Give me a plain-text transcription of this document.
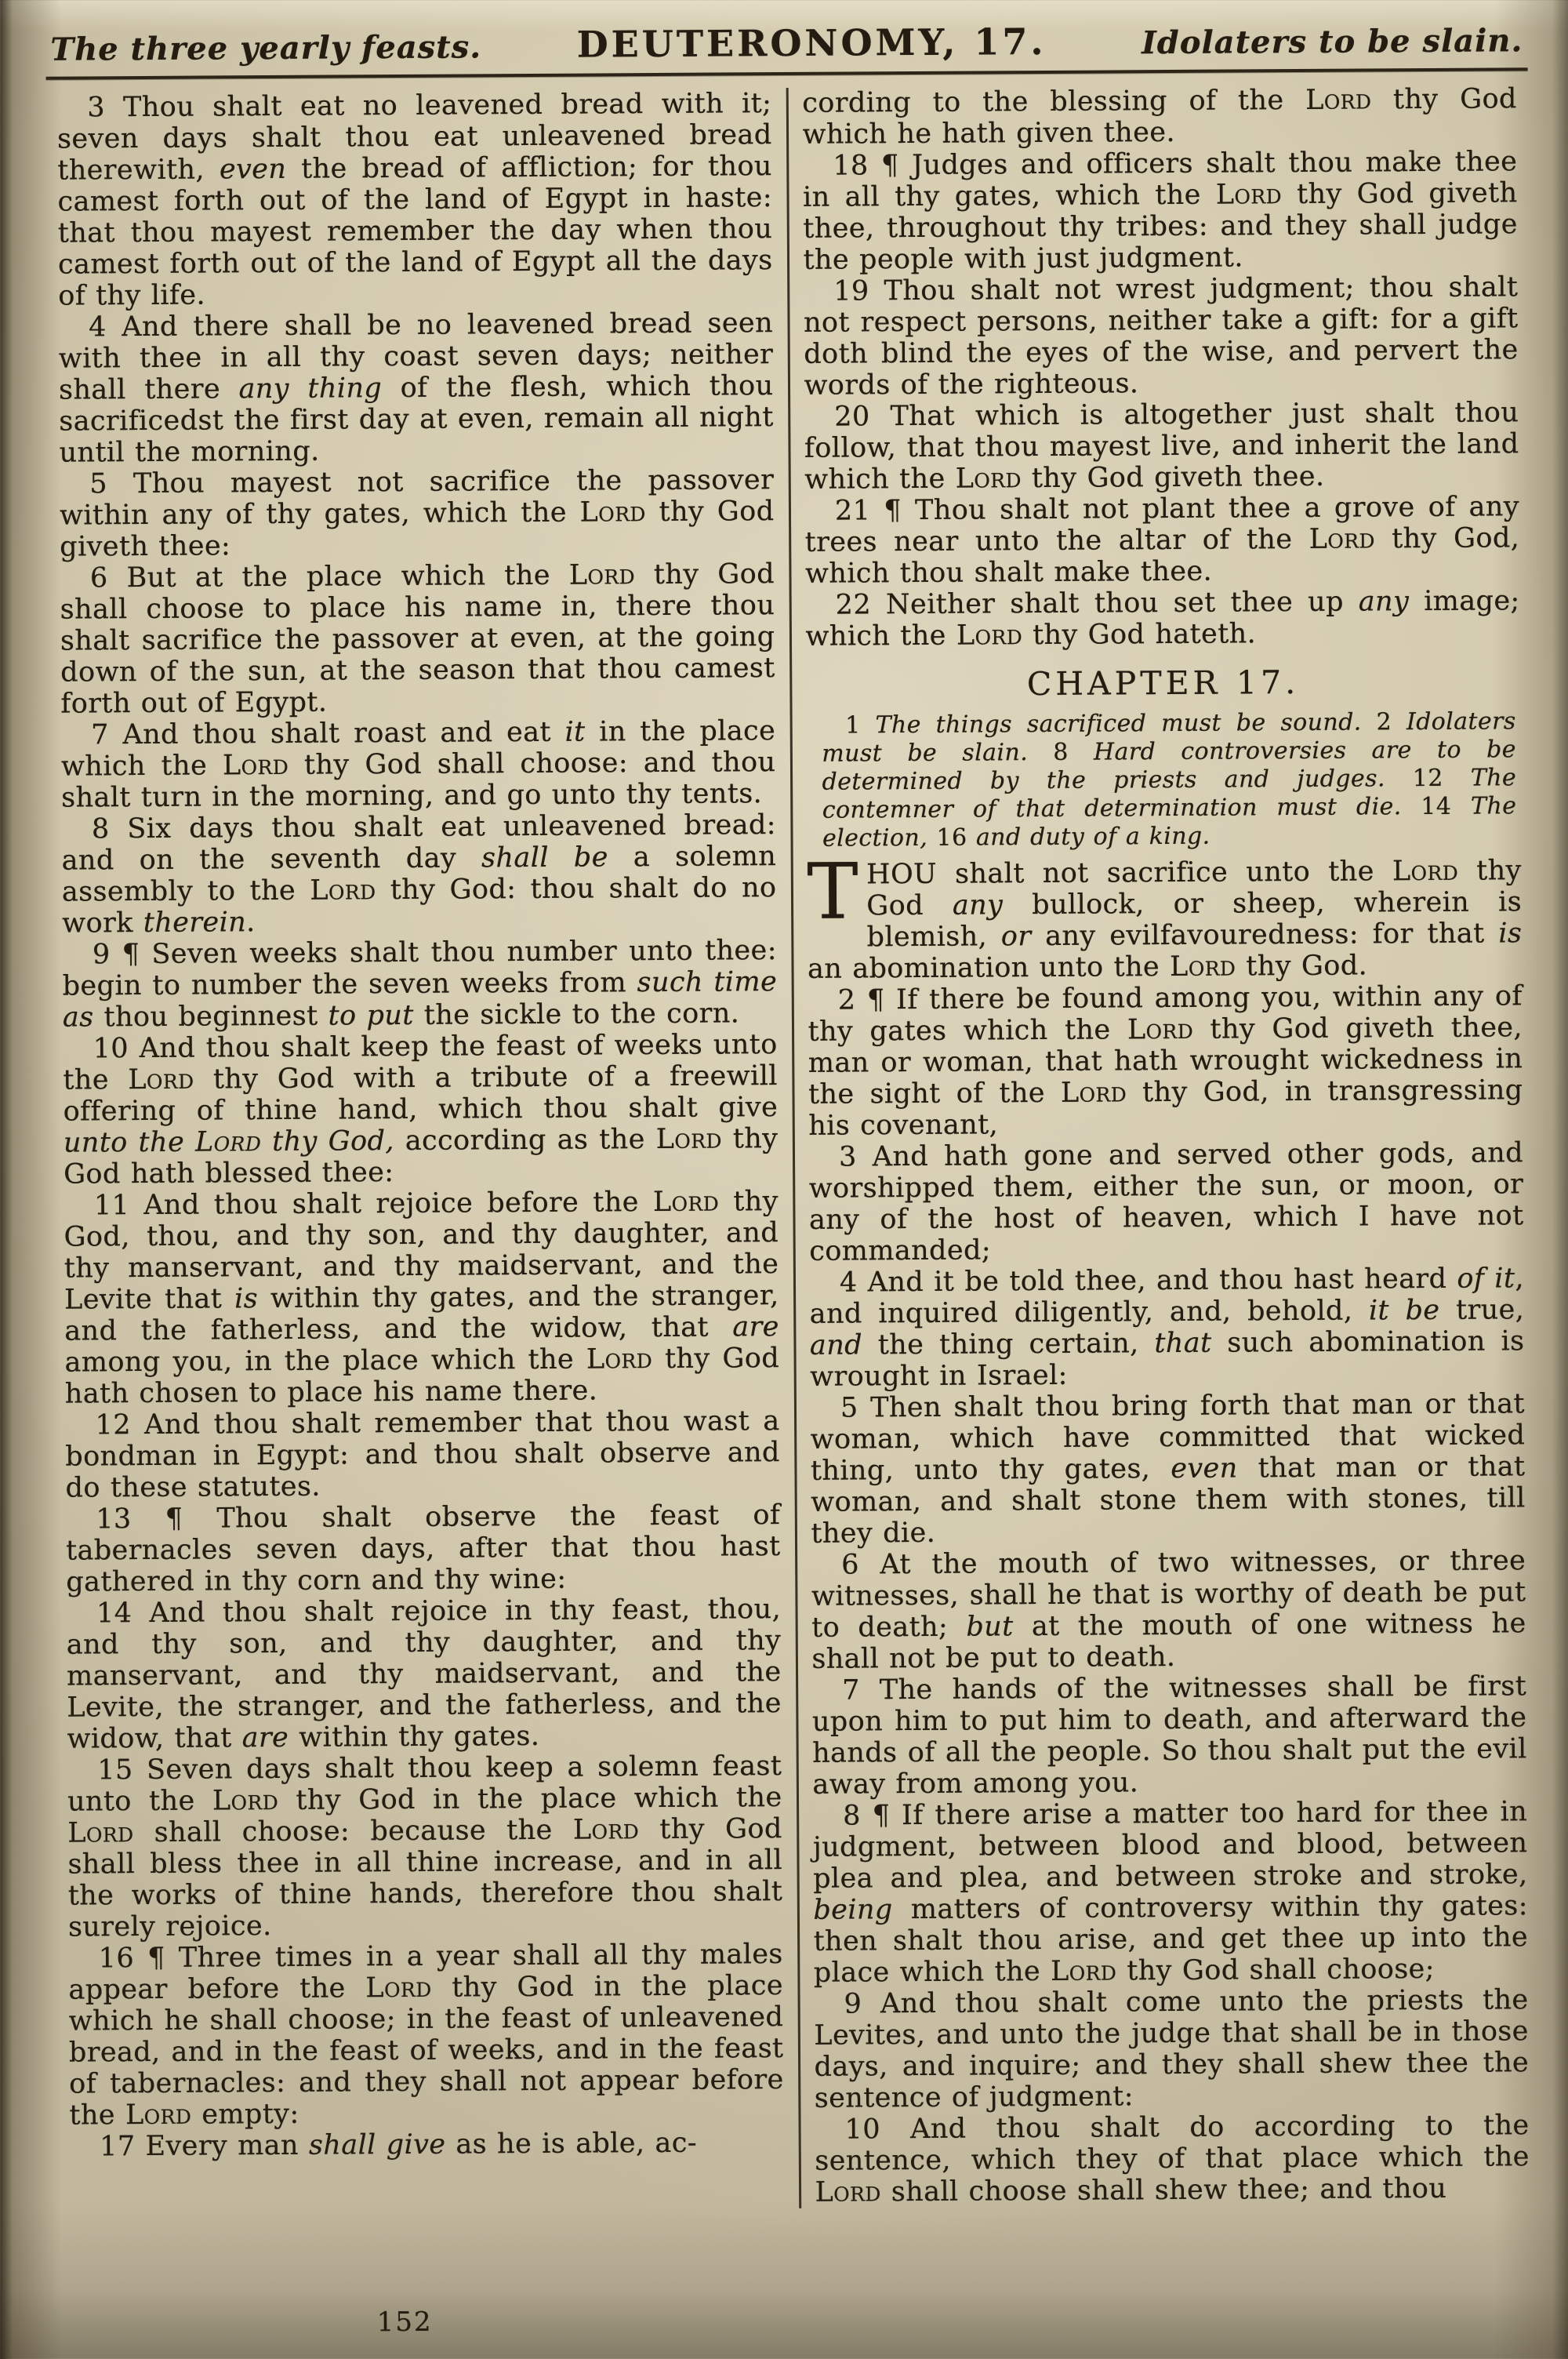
The three yearly feasts.	DEUTERONOMY, 17.	Idolaters to be slain.
3 Thou shalt eat no leavened bread with it; seven days shalt thou eat unleavened bread therewith, even the bread of affliction; for thou camest forth out of the land of Egypt in haste: that thou mayest remember the day when thou camest forth out of the land of Egypt all the days of thy life.
4 And there shall be no leavened bread seen with thee in all thy coast seven days; neither shall there any thing of the flesh, which thou sacrificedst the first day at even, remain all night until the morning.
5 Thou mayest not sacrifice the passover within any of thy gates, which the Lord thy God giveth thee:
6 But at the place which the Lord thy God shall choose to place his name in, there thou shalt sacrifice the passover at even, at the going down of the sun, at the season that thou camest forth out of Egypt.
7 And thou shalt roast and eat it in the place which the Lord thy God shall choose: and thou shalt turn in the morning, and go unto thy tents.
8 Six days thou shalt eat unleavened bread: and on the seventh day shall be a solemn assembly to the Lord thy God: thou shalt do no work therein.
9 ¶ Seven weeks shalt thou number unto thee: begin to number the seven weeks from such time as thou beginnest to put the sickle to the corn.
10 And thou shalt keep the feast of weeks unto the Lord thy God with a tribute of a freewill offering of thine hand, which thou shalt give unto the Lord thy God, according as the Lord thy God hath blessed thee:
11 And thou shalt rejoice before the Lord thy God, thou, and thy son, and thy daughter, and thy manservant, and thy maidservant, and the Levite that is within thy gates, and the stranger, and the fatherless, and the widow, that are among you, in the place which the Lord thy God hath chosen to place his name there.
12 And thou shalt remember that thou wast a bondman in Egypt: and thou shalt observe and do these statutes.
13 ¶ Thou shalt observe the feast of tabernacles seven days, after that thou hast gathered in thy corn and thy wine:
14 And thou shalt rejoice in thy feast, thou, and thy son, and thy daughter, and thy manservant, and thy maidservant, and the Levite, the stranger, and the fatherless, and the widow, that are within thy gates.
15 Seven days shalt thou keep a solemn feast unto the Lord thy God in the place which the Lord shall choose: because the Lord thy God shall bless thee in all thine increase, and in all the works of thine hands, therefore thou shalt surely rejoice.
16 ¶ Three times in a year shall all thy males appear before the Lord thy God in the place which he shall choose; in the feast of unleavened bread, and in the feast of weeks, and in the feast of tabernacles: and they shall not appear before the Lord empty:
17 Every man shall give as he is able, ac-
cording to the blessing of the Lord thy God which he hath given thee.
18 ¶ Judges and officers shalt thou make thee in all thy gates, which the Lord thy God giveth thee, throughout thy tribes: and they shall judge the people with just judgment.
19 Thou shalt not wrest judgment; thou shalt not respect persons, neither take a gift: for a gift doth blind the eyes of the wise, and pervert the words of the righteous.
20 That which is altogether just shalt thou follow, that thou mayest live, and inherit the land which the Lord thy God giveth thee.
21 ¶ Thou shalt not plant thee a grove of any trees near unto the altar of the Lord thy God, which thou shalt make thee.
22 Neither shalt thou set thee up any image; which the Lord thy God hateth.
CHAPTER 17.
1 The things sacrificed must be sound. 2 Idolaters must be slain. 8 Hard controversies are to be determined by the priests and judges. 12 The contemner of that determination must die. 14 The election, 16 and duty of a king.
THOU shalt not sacrifice unto the Lord thy God any bullock, or sheep, wherein is blemish, or any evilfavouredness: for that is an abomination unto the Lord thy God.
2 ¶ If there be found among you, within any of thy gates which the Lord thy God giveth thee, man or woman, that hath wrought wickedness in the sight of the Lord thy God, in transgressing his covenant,
3 And hath gone and served other gods, and worshipped them, either the sun, or moon, or any of the host of heaven, which I have not commanded;
4 And it be told thee, and thou hast heard of it, and inquired diligently, and, behold, it be true, and the thing certain, that such abomination is wrought in Israel:
5 Then shalt thou bring forth that man or that woman, which have committed that wicked thing, unto thy gates, even that man or that woman, and shalt stone them with stones, till they die.
6 At the mouth of two witnesses, or three witnesses, shall he that is worthy of death be put to death; but at the mouth of one witness he shall not be put to death.
7 The hands of the witnesses shall be first upon him to put him to death, and afterward the hands of all the people. So thou shalt put the evil away from among you.
8 ¶ If there arise a matter too hard for thee in judgment, between blood and blood, between plea and plea, and between stroke and stroke, being matters of controversy within thy gates: then shalt thou arise, and get thee up into the place which the Lord thy God shall choose;
9 And thou shalt come unto the priests the Levites, and unto the judge that shall be in those days, and inquire; and they shall shew thee the sentence of judgment:
10 And thou shalt do according to the sentence, which they of that place which the Lord shall choose shall shew thee; and thou
152
